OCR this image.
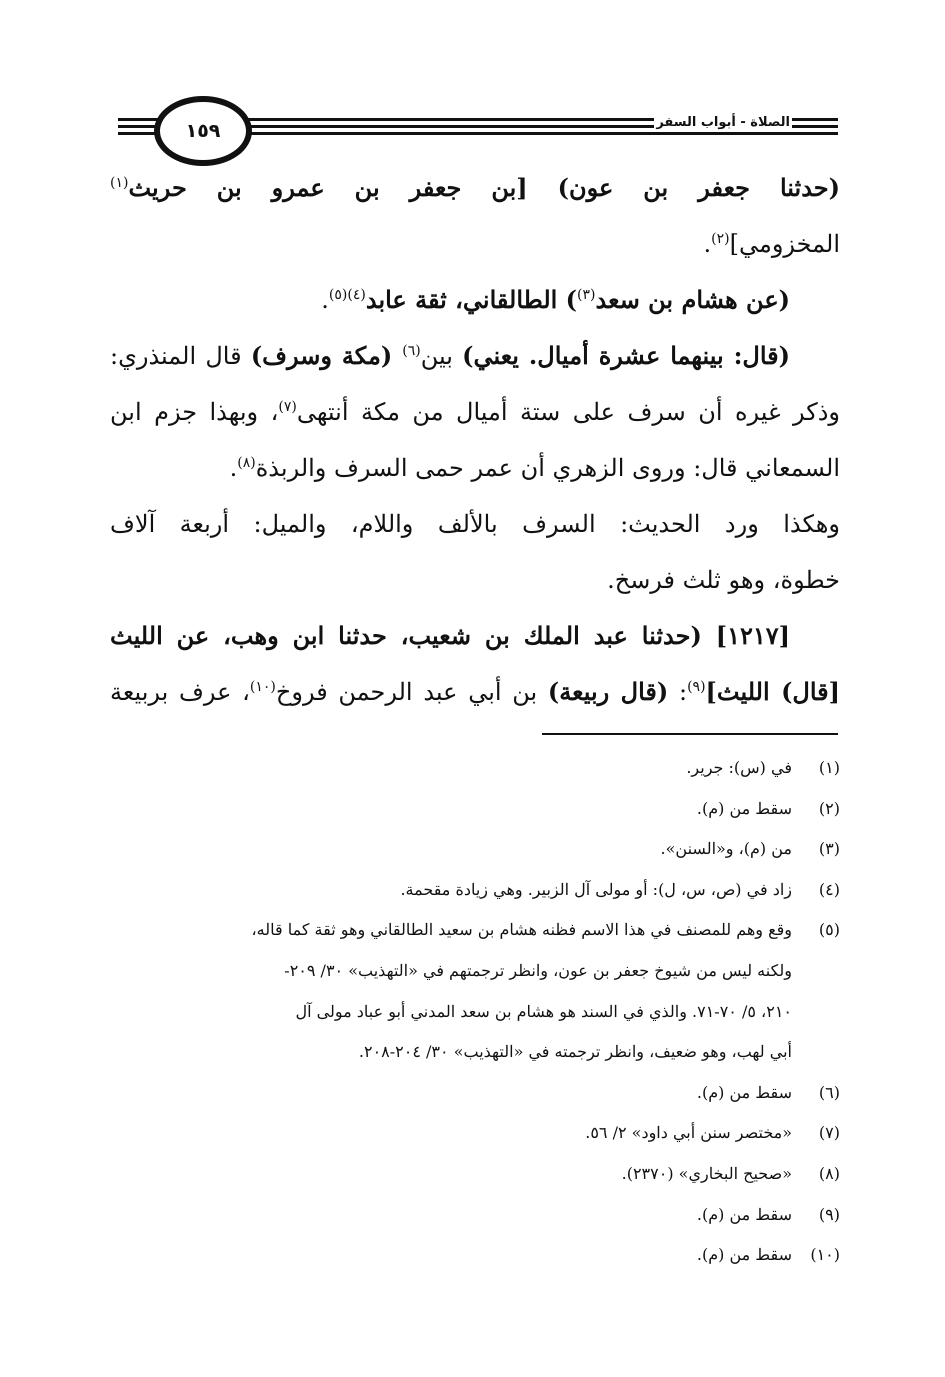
١٥٩	الصلاة - أبواب السفر
(حدثنا جعفر بن عون) [بن جعفر بن عمرو بن حريث$^{(١)}$
المخزومي]$^{(٢)}$.
(عن هشام بن سعد$^{(٣)}$) الطالقاني، ثقة عابد$^{(٤)(٥)}$.
(قال: بينهما عشرة أميال. يعني) بين$^{(٦)}$ (مكة وسرف) قال المنذري:
وذكر غيره أن سرف على ستة أميال من مكة أنتهى$^{(٧)}$، وبهذا جزم ابن
السمعاني قال: وروى الزهري أن عمر حمى السرف والربذة$^{(٨)}$.
وهكذا ورد الحديث: السرف بالألف واللام، والميل: أربعة آلاف
خطوة، وهو ثلث فرسخ.
[١٢١٧] (حدثنا عبد الملك بن شعيب، حدثنا ابن وهب، عن الليث
[قال) الليث]$^{(٩)}$: (قال ربيعة) بن أبي عبد الرحمن فروخ$^{(١٠)}$، عرف بربيعة
(١)
في (س): جرير.
(٢)
سقط من (م).
(٣)
من (م)، و«السنن».
(٤)
زاد في (ص، س، ل): أو مولى آل الزبير. وهي زيادة مقحمة.
(٥)
وقع وهم للمصنف في هذا الاسم فظنه هشام بن سعيد الطالقاني وهو ثقة كما قاله،
ولكنه ليس من شيوخ جعفر بن عون، وانظر ترجمتهم في «التهذيب» ٣٠/ ٢٠٩-
٢١٠، ٥/ ٧٠-٧١. والذي في السند هو هشام بن سعد المدني أبو عباد مولى آل
أبي لهب، وهو ضعيف، وانظر ترجمته في «التهذيب» ٣٠/ ٢٠٤-٢٠٨.
(٦)
سقط من (م).
(٧)
«مختصر سنن أبي داود» ٢/ ٥٦.
(٨)
«صحيح البخاري» (٢٣٧٠).
(٩)
سقط من (م).
(١٠)
سقط من (م).
